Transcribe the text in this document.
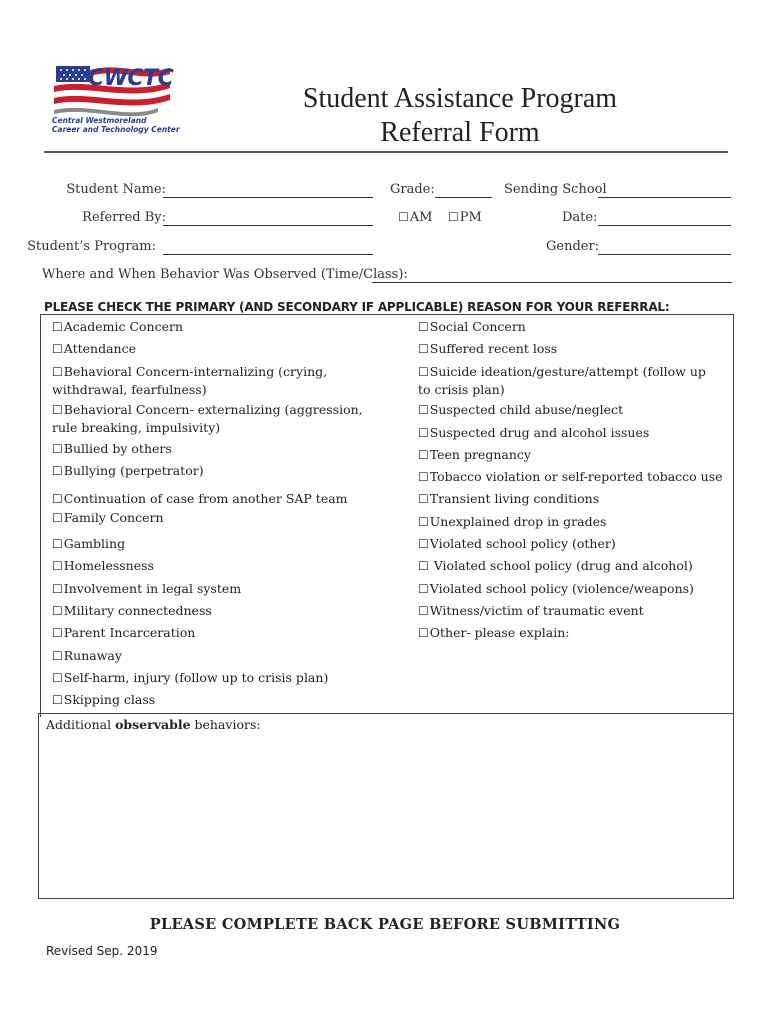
CWCTC
Central Westmoreland
Career and Technology Center
Student Assistance Program
Referral Form
Student Name:	Grade:	Sending School
Referred By:	☐AM ☐PM	Date:
Student’s Program:	Gender:
Where and When Behavior Was Observed (Time/Class):
PLEASE CHECK THE PRIMARY (AND SECONDARY IF APPLICABLE) REASON FOR YOUR REFERRAL:
☐Academic Concern
☐Attendance
☐Behavioral Concern-internalizing (crying, withdrawal, fearfulness)
☐Behavioral Concern- externalizing (aggression, rule breaking, impulsivity)
☐Bullied by others
☐Bullying (perpetrator)
☐Continuation of case from another SAP team
☐Family Concern
☐Gambling
☐Homelessness
☐Involvement in legal system
☐Military connectedness
☐Parent Incarceration
☐Runaway
☐Self-harm, injury (follow up to crisis plan)
☐Skipping class
☐Social Concern
☐Suffered recent loss
☐Suicide ideation/gesture/attempt (follow up to crisis plan)
☐Suspected child abuse/neglect
☐Suspected drug and alcohol issues
☐Teen pregnancy
☐Tobacco violation or self-reported tobacco use
☐Transient living conditions
☐Unexplained drop in grades
☐Violated school policy (other)
☐ Violated school policy (drug and alcohol)
☐Violated school policy (violence/weapons)
☐Witness/victim of traumatic event
☐Other- please explain:
Additional observable behaviors:
PLEASE COMPLETE BACK PAGE BEFORE SUBMITTING
Revised Sep. 2019
